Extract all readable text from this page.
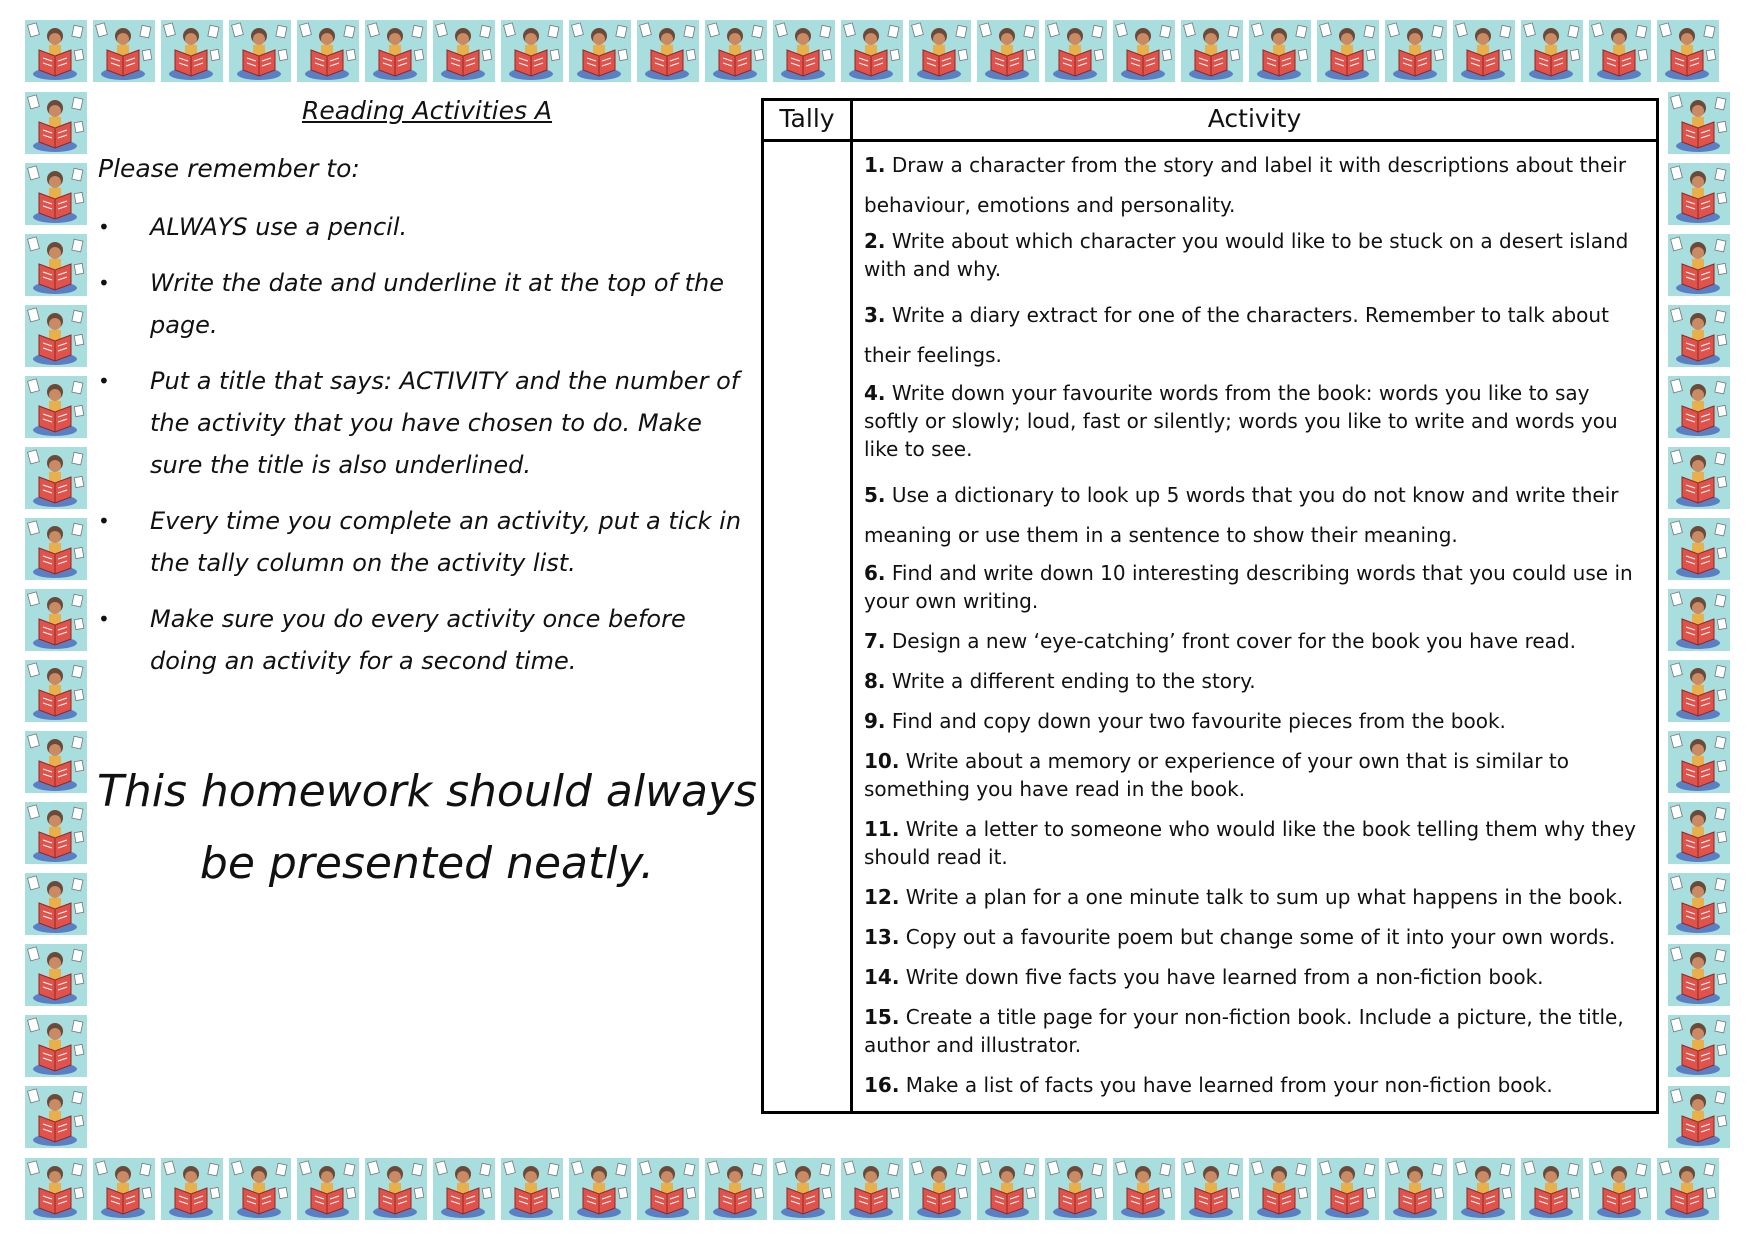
Reading Activities A
Please remember to:
• ALWAYS use a pencil.
• Write the date and underline it at the top of the page.
• Put a title that says: ACTIVITY and the number of the activity that you have chosen to do. Make sure the title is also underlined.
• Every time you complete an activity, put a tick in the tally column on the activity list.
• Make sure you do every activity once before doing an activity for a second time.
This homework should always
be presented neatly.
Tally	Activity

1. Draw a character from the story and label it with descriptions about their behaviour, emotions and personality.

2. Write about which character you would like to be stuck on a desert island with and why.

3. Write a diary extract for one of the characters. Remember to talk about their feelings.

4. Write down your favourite words from the book: words you like to say softly or slowly; loud, fast or silently; words you like to write and words you like to see.

5. Use a dictionary to look up 5 words that you do not know and write their meaning or use them in a sentence to show their meaning.

6. Find and write down 10 interesting describing words that you could use in your own writing.

7. Design a new ‘eye-catching’ front cover for the book you have read.

8. Write a different ending to the story.

9. Find and copy down your two favourite pieces from the book.

10. Write about a memory or experience of your own that is similar to something you have read in the book.

11. Write a letter to someone who would like the book telling them why they should read it.

12. Write a plan for a one minute talk to sum up what happens in the book.

13. Copy out a favourite poem but change some of it into your own words.

14. Write down five facts you have learned from a non-fiction book.

15. Create a title page for your non-fiction book. Include a picture, the title, author and illustrator.

16. Make a list of facts you have learned from your non-fiction book.
